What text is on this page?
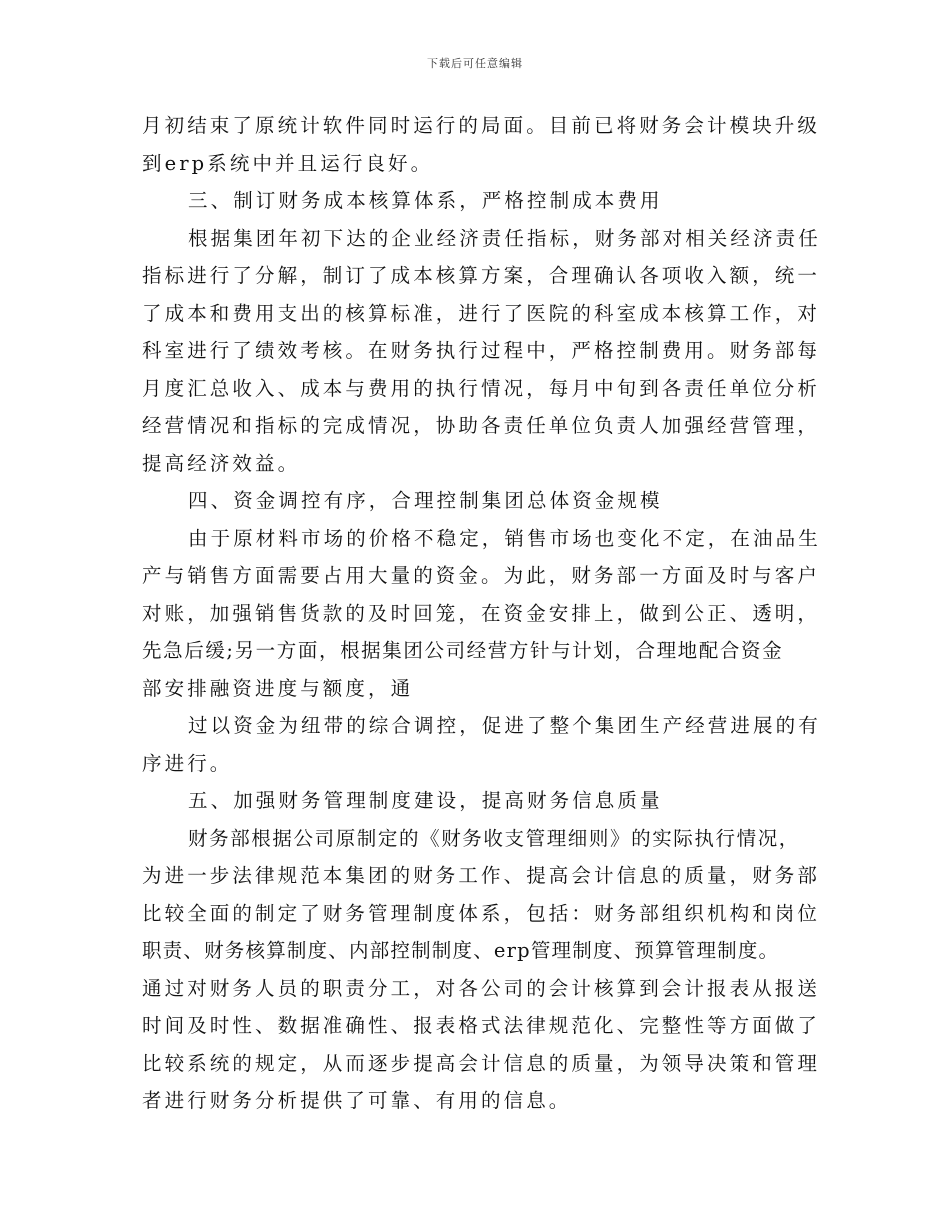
下载后可任意编辑
月初结束了原统计软件同时运行的局面。目前已将财务会计模块升级
到erp系统中并且运行良好。
三、制订财务成本核算体系，严格控制成本费用
根据集团年初下达的企业经济责任指标，财务部对相关经济责任
指标进行了分解，制订了成本核算方案，合理确认各项收入额，统一
了成本和费用支出的核算标准，进行了医院的科室成本核算工作，对
科室进行了绩效考核。在财务执行过程中，严格控制费用。财务部每
月度汇总收入、成本与费用的执行情况，每月中旬到各责任单位分析
经营情况和指标的完成情况，协助各责任单位负责人加强经营管理，
提高经济效益。
四、资金调控有序，合理控制集团总体资金规模
由于原材料市场的价格不稳定，销售市场也变化不定，在油品生
产与销售方面需要占用大量的资金。为此，财务部一方面及时与客户
对账，加强销售货款的及时回笼，在资金安排上，做到公正、透明，
先急后缓;另一方面，根据集团公司经营方针与计划，合理地配合资金
部安排融资进度与额度，通
过以资金为纽带的综合调控，促进了整个集团生产经营进展的有
序进行。
五、加强财务管理制度建设，提高财务信息质量
财务部根据公司原制定的《财务收支管理细则》的实际执行情况，
为进一步法律规范本集团的财务工作、提高会计信息的质量，财务部
比较全面的制定了财务管理制度体系，包括：财务部组织机构和岗位
职责、财务核算制度、内部控制制度、erp管理制度、预算管理制度。
通过对财务人员的职责分工，对各公司的会计核算到会计报表从报送
时间及时性、数据准确性、报表格式法律规范化、完整性等方面做了
比较系统的规定，从而逐步提高会计信息的质量，为领导决策和管理
者进行财务分析提供了可靠、有用的信息。
